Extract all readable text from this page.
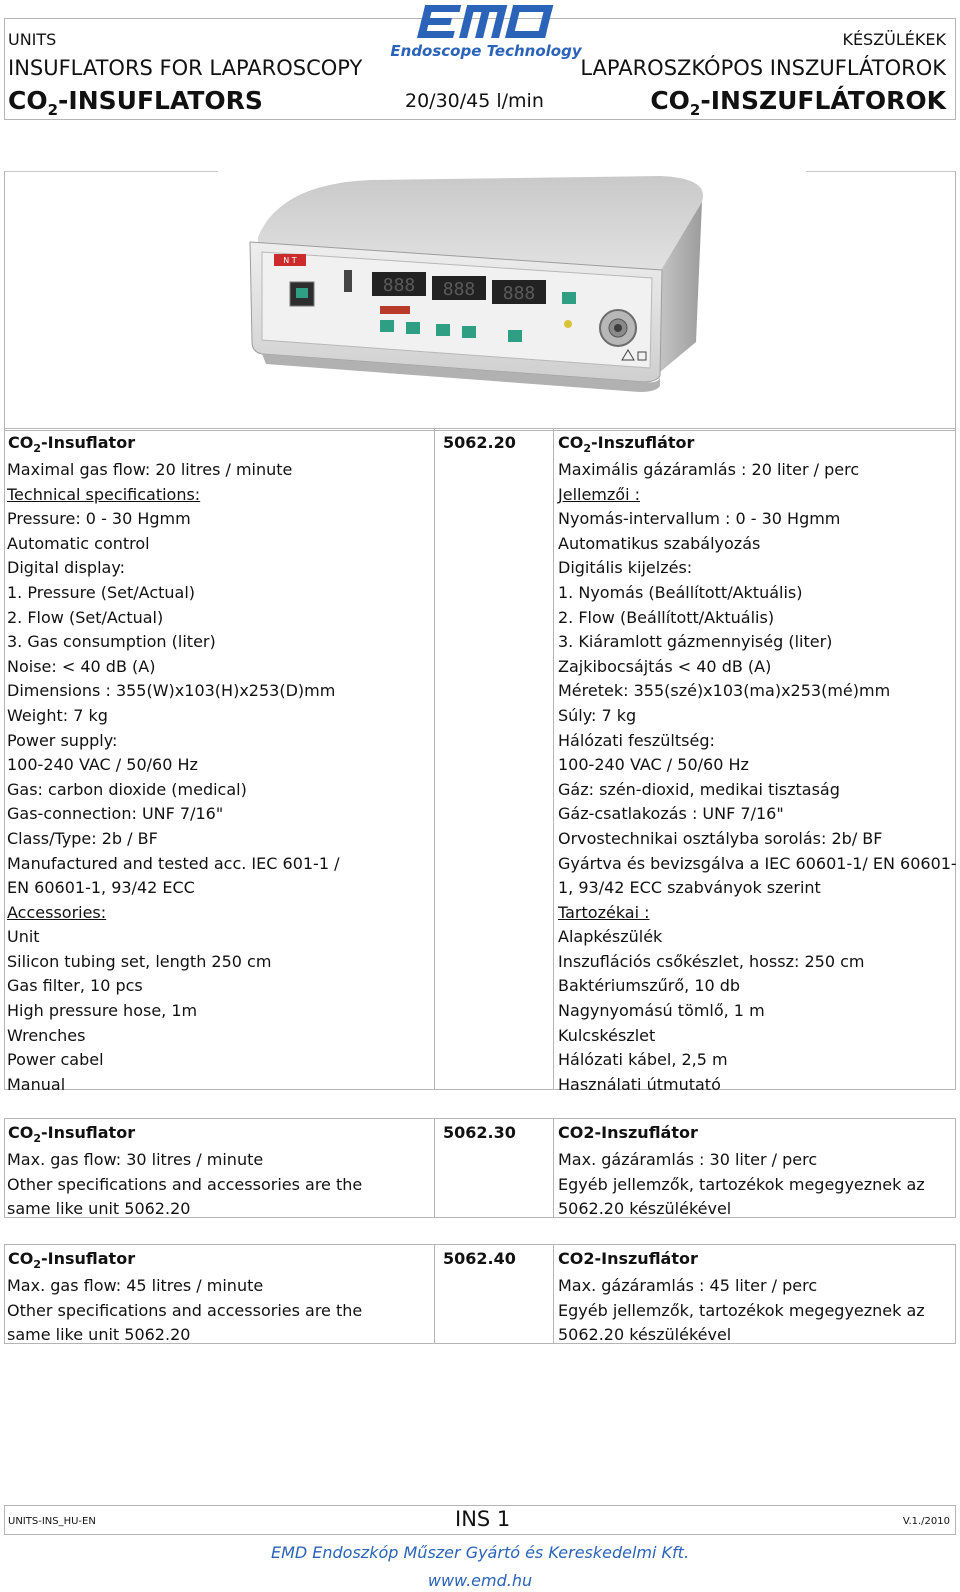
UNITS
INSUFLATORS FOR LAPAROSCOPY
$CO_2$-INSUFLATORS
Endoscope Technology
20/30/45 l/min
KÉSZÜLÉKEK
LAPAROSZKÓPOS INSZUFLÁTOROK
$CO_2$-INSZUFLÁTOROK
N T
888 888 888
$CO_2$-Insuflator	5062.20	$CO_2$-Inszuflátor
Maximal gas flow: 20 litres / minute
Technical specifications:
Pressure: 0 - 30 Hgmm
Automatic control
Digital display:
1. Pressure (Set/Actual)
2. Flow (Set/Actual)
3. Gas consumption (liter)
Noise: < 40 dB (A)
Dimensions : 355(W)x103(H)x253(D)mm
Weight: 7 kg
Power supply:
100-240 VAC / 50/60 Hz
Gas: carbon dioxide (medical)
Gas-connection: UNF 7/16"
Class/Type: 2b / BF
Manufactured and tested acc. IEC 601-1 /
EN 60601-1, 93/42 ECC
Accessories:
Unit
Silicon tubing set, length 250 cm
Gas filter, 10 pcs
High pressure hose, 1m
Wrenches
Power cabel
Manual
Maximális gázáramlás : 20 liter / perc
Jellemzői :
Nyomás-intervallum : 0 - 30 Hgmm
Automatikus szabályozás
Digitális kijelzés:
1. Nyomás (Beállított/Aktuális)
2. Flow (Beállított/Aktuális)
3. Kiáramlott gázmennyiség (liter)
Zajkibocsájtás < 40 dB (A)
Méretek: 355(szé)x103(ma)x253(mé)mm
Súly: 7 kg
Hálózati feszültség:
100-240 VAC / 50/60 Hz
Gáz: szén-dioxid, medikai tisztaság
Gáz-csatlakozás : UNF 7/16"
Orvostechnikai osztályba sorolás: 2b/ BF
Gyártva és bevizsgálva a IEC 60601-1/ EN 60601-
1, 93/42 ECC szabványok szerint
Tartozékai :
Alapkészülék
Inszuflációs csőkészlet, hossz: 250 cm
Baktériumszűrő, 10 db
Nagynyomású tömlő, 1 m
Kulcskészlet
Hálózati kábel, 2,5 m
Használati útmutató
$CO_2$-Insuflator	5062.30	CO2-Inszuflátor
Max. gas flow: 30 litres / minute
Other specifications and accessories are the
same like unit 5062.20
Max. gázáramlás : 30 liter / perc
Egyéb jellemzők, tartozékok megegyeznek az
5062.20 készülékével
$CO_2$-Insuflator	5062.40	CO2-Inszuflátor
Max. gas flow: 45 litres / minute
Other specifications and accessories are the
same like unit 5062.20
Max. gázáramlás : 45 liter / perc
Egyéb jellemzők, tartozékok megegyeznek az
5062.20 készülékével
UNITS-INS_HU-EN	INS 1	V.1./2010
EMD Endoszkóp Műszer Gyártó és Kereskedelmi Kft.
www.emd.hu
